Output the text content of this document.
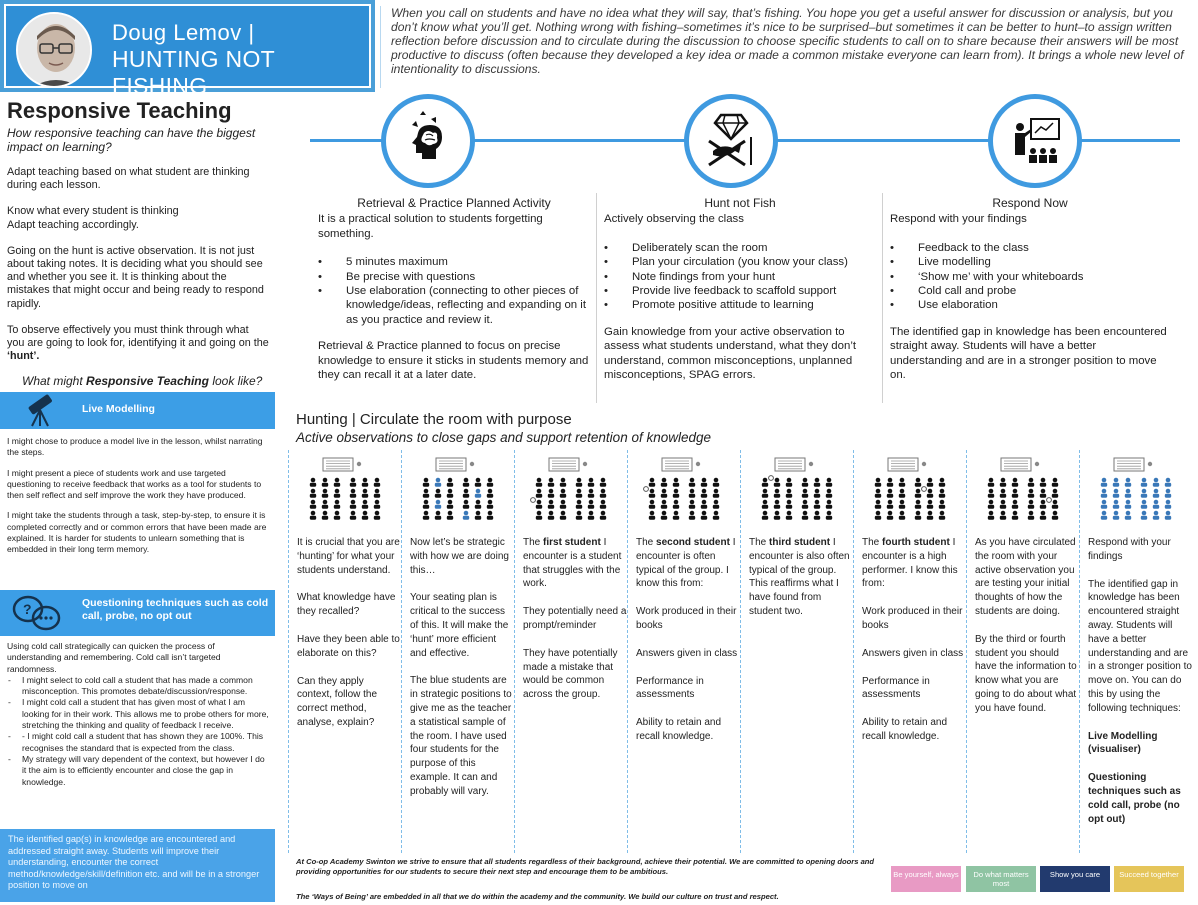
Doug Lemov |
HUNTING NOT FISHING
When you call on students and have no idea what they will say, that’s fishing. You hope you get a useful answer for discussion or analysis, but you don’t know what you’ll get. Nothing wrong with fishing–sometimes it’s nice to be surprised–but sometimes it can be better to hunt–to assign written reflection before discussion and to circulate during the discussion to choose specific students to call on to share because their answers will be most productive to discuss (often because they developed a key idea or made a common mistake everyone can learn from). It brings a whole new level of intentionality to discussions.
Responsive Teaching
How responsive teaching can have the biggest impact on learning?

Adapt teaching based on what student are thinking during each lesson.

Know what every student is thinking
Adapt teaching accordingly.

Going on the hunt is active observation. It is not just about taking notes. It is deciding what you should see and whether you see it. It is thinking about the mistakes that might occur and being ready to respond rapidly.

To observe effectively you must think through what you are going to look for, identifying it and going on the ‘hunt’.

What might Responsive Teaching look like?
Live Modelling

I might chose to produce a model live in the lesson, whilst narrating the steps.

I might present a piece of students work and use targeted questioning to receive feedback that works as a tool for students to then self reflect and self improve the work they have produced.

I might take the students through a task, step-by-step, to ensure it is completed correctly and or common errors that have been made are explained. It is harder for students to unlearn something that is embedded in their long term memory.

?	Questioning techniques such as cold call, probe, no opt out

Using cold call strategically can quicken the process of understanding and remembering. Cold call isn’t targeted randomness.

- I might select to cold call a student that has made a common misconception. This promotes debate/discussion/response.
- I might cold call a student that has given most of what I am looking for in their work. This allows me to probe others for more, stretching the thinking and quality of feedback I receive.
- - I might cold call a student that has shown they are 100%. This recognises the standard that is expected from the class.
- My strategy will vary dependent of the context, but however I do it the aim is to efficiently encounter and close the gap in knowledge.
The identified gap(s) in knowledge are encountered and addressed straight away. Students will improve their understanding, encounter the correct method/knowledge/skill/definition etc. and will be in a stronger position to move on
Retrieval & Practice Planned Activity

It is a practical solution to students forgetting something.

• 5 minutes maximum
• Be precise with questions
• Use elaboration (connecting to other pieces of knowledge/ideas, reflecting and expanding on it as you practice and review it.

Retrieval & Practice planned to focus on precise knowledge to ensure it sticks in students memory and they can recall it at a later date.

Hunt not Fish

Actively observing the class

• Deliberately scan the room
• Plan your circulation (you know your class)
• Note findings from your hunt
• Provide live feedback to scaffold support
• Promote positive attitude to learning

Gain knowledge from your active observation to assess what students understand, what they don’t understand, common misconceptions, unplanned misconceptions, SPAG errors.

Respond Now

Respond with your findings

• Feedback to the class
• Live modelling
• ‘Show me’ with your whiteboards
• Cold call and probe
• Use elaboration

The identified gap in knowledge has been encountered straight away. Students will have a better understanding and are in a stronger position to move on.

Hunting | Circulate the room with purpose
Active observations to close gaps and support retention of knowledge

It is crucial that you are ‘hunting’ for what your students understand.

What knowledge have they recalled?

Have they been able to elaborate on this?

Can they apply context, follow the correct method, analyse, explain?

Now let’s be strategic with how we are doing this…

Your seating plan is critical to the success of this. It will make the ‘hunt’ more efficient and effective.

The blue students are in strategic positions to give me as the teacher a statistical sample of the room. I have used four students for the purpose of this example. It can and probably will vary.

The first student I encounter is a student that struggles with the work.

They potentially need a prompt/reminder

They have potentially made a mistake that would be common across the group.

The second student I encounter is often typical of the group. I know this from:

Work produced in their books

Answers given in class

Performance in assessments

Ability to retain and recall knowledge.

The third student I encounter is also often typical of the group. This reaffirms what I have found from student two.

The fourth student I encounter is a high performer. I know this from:

Work produced in their books

Answers given in class

Performance in assessments

Ability to retain and recall knowledge.

As you have circulated the room with your active observation you are testing your initial thoughts of how the students are doing.

By the third or fourth student you should have the information to know what you are going to do about what you have found.

Respond with your findings

The identified gap in knowledge has been encountered straight away. Students will have a better understanding and are in a stronger position to move on. You can do this by using the following techniques:

Live Modelling (visualiser)

Questioning techniques such as cold call, probe (no opt out)

At Co-op Academy Swinton we strive to ensure that all students regardless of their background, achieve their potential. We are committed to opening doors and providing opportunities for our students to secure their next step and encourage them to be ambitious.
The ‘Ways of Being’ are embedded in all that we do within the academy and the community. We build our culture on trust and respect.
Be yourself, always	Do what matters most
Show you care	Succeed together
